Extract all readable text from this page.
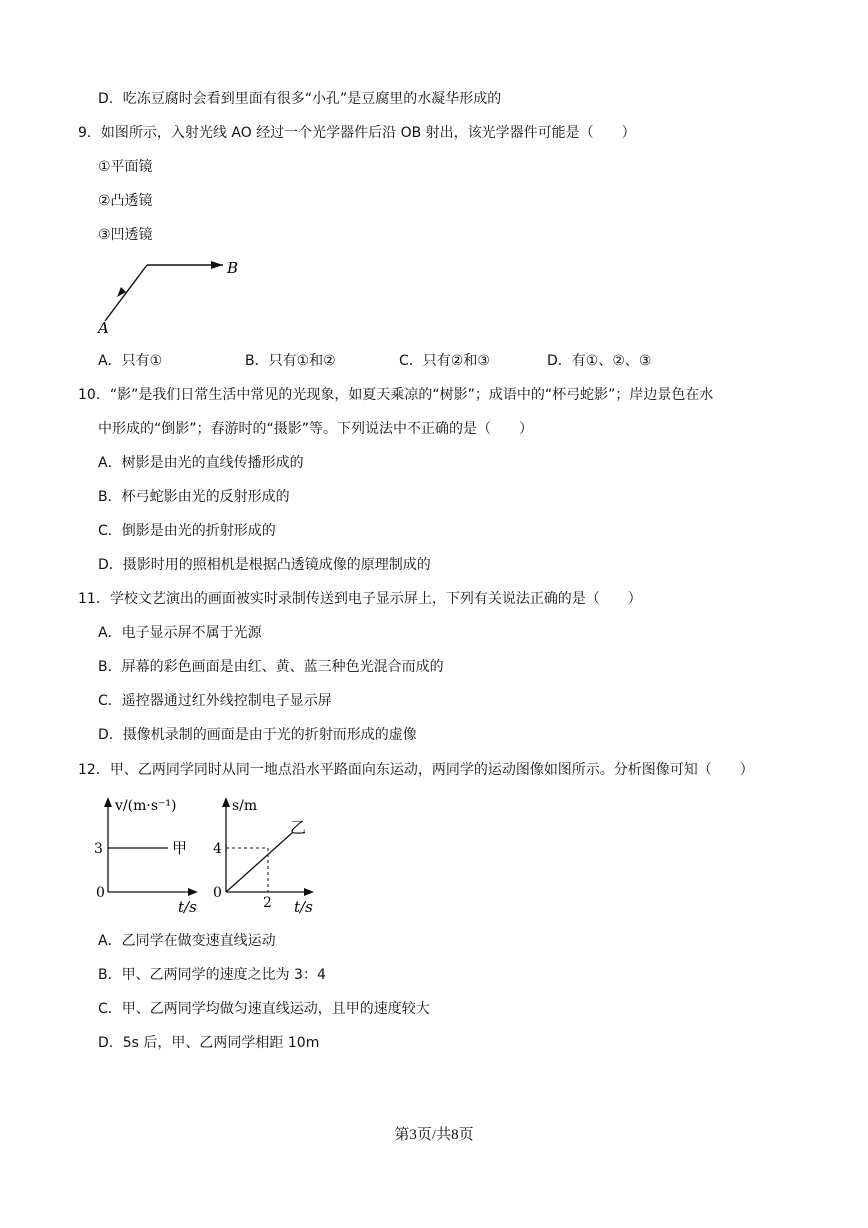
D．吃冻豆腐时会看到里面有很多“小孔”是豆腐里的水凝华形成的
9．如图所示，入射光线 AO 经过一个光学器件后沿 OB 射出，该光学器件可能是（　　）
①平面镜
②凸透镜
③凹透镜
A
B
A．只有①	B．只有①和②	C．只有②和③	D．有①、②、③
10．“影”是我们日常生活中常见的光现象，如夏天乘凉的“树影”；成语中的“杯弓蛇影”；岸边景色在水
中形成的“倒影”；春游时的“摄影”等。下列说法中不正确的是（　　）
A．树影是由光的直线传播形成的
B．杯弓蛇影由光的反射形成的
C．倒影是由光的折射形成的
D．摄影时用的照相机是根据凸透镜成像的原理制成的
11．学校文艺演出的画面被实时录制传送到电子显示屏上，下列有关说法正确的是（　　）
A．电子显示屏不属于光源
B．屏幕的彩色画面是由红、黄、蓝三种色光混合而成的
C．遥控器通过红外线控制电子显示屏
D．摄像机录制的画面是由于光的折射而形成的虚像
12．甲、乙两同学同时从同一地点沿水平路面向东运动，两同学的运动图像如图所示。分析图像可知（　　）
v/(m·s⁻¹)
3
0
甲
t/s
s/m
4
0
2
乙
t/s
A．乙同学在做变速直线运动
B．甲、乙两同学的速度之比为 3：4
C．甲、乙两同学均做匀速直线运动，且甲的速度较大
D．5s 后，甲、乙两同学相距 10m
第3页/共8页
